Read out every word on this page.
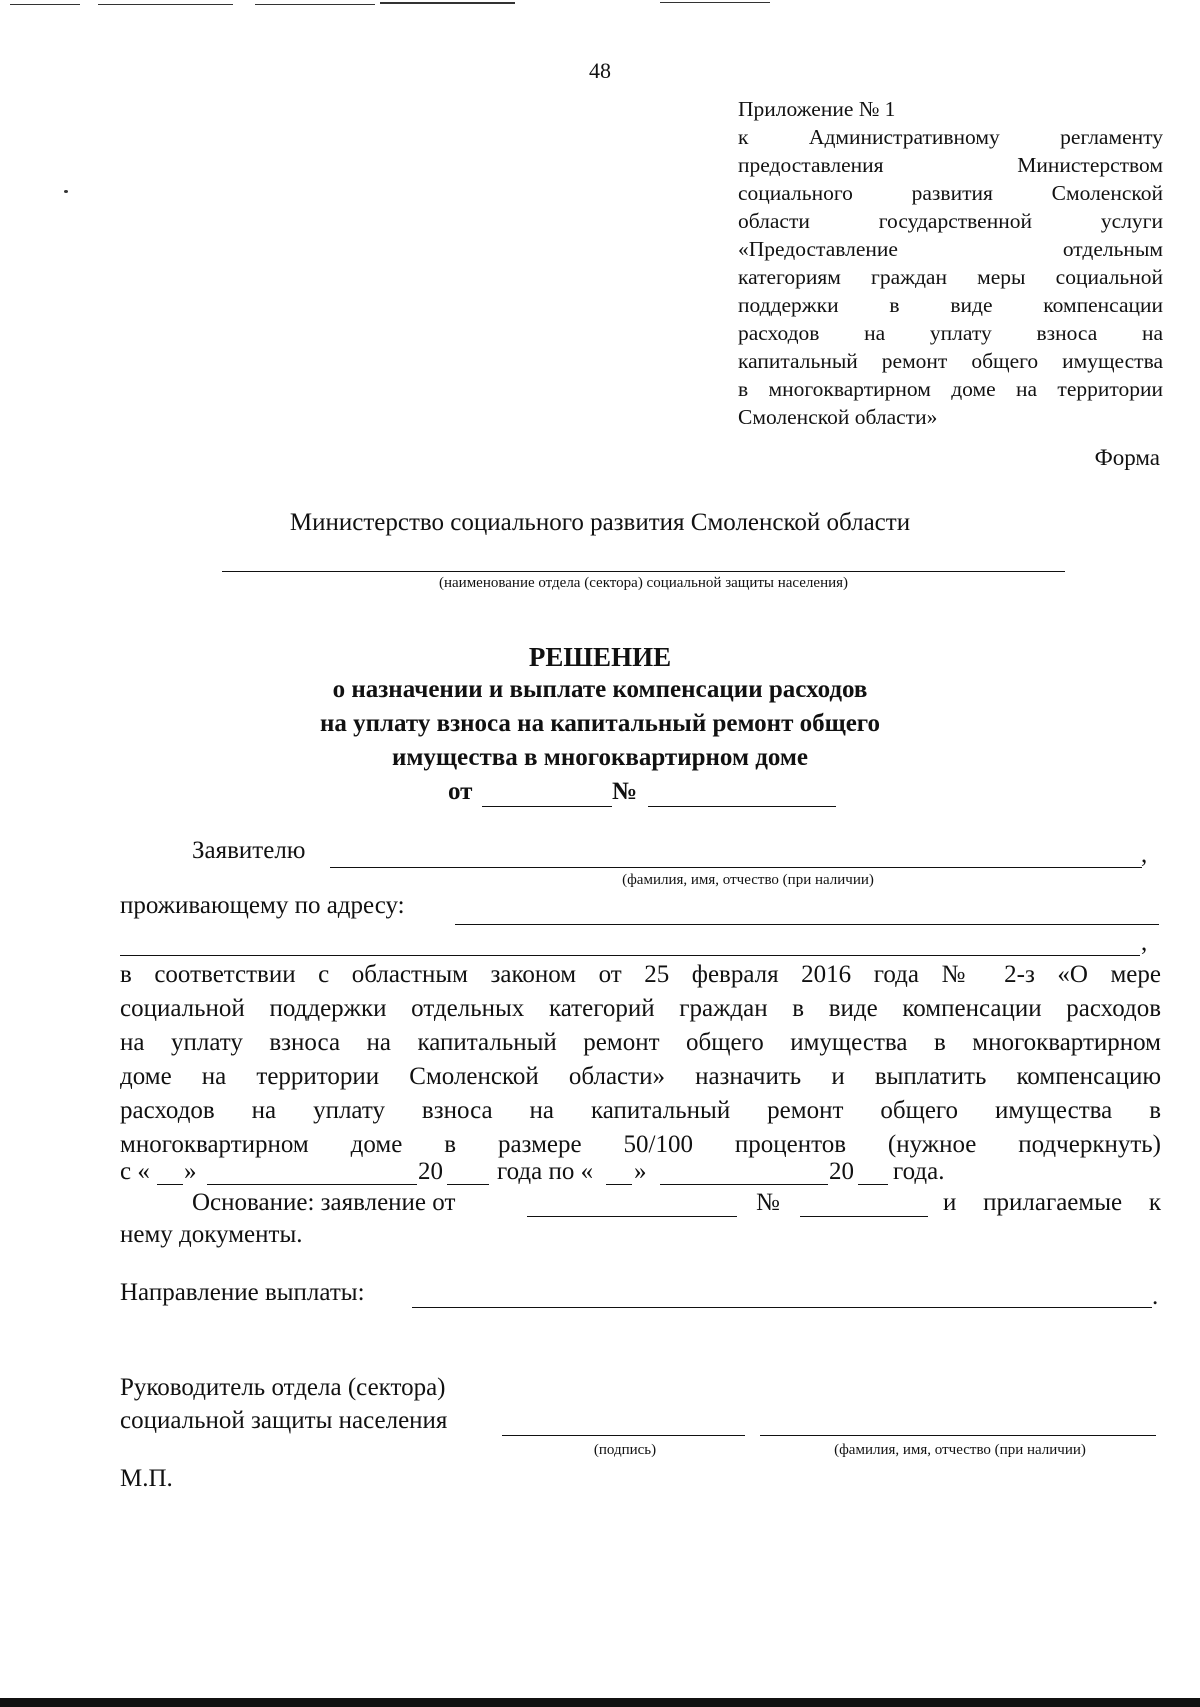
48
Приложение № 1
к Административному регламенту
предоставления Министерством
социального развития Смоленской
области государственной услуги
«Предоставление отдельным
категориям граждан меры социальной
поддержки в виде компенсации
расходов на уплату взноса на
капитальный ремонт общего имущества
в многоквартирном доме на территории
Смоленской области»
Форма
Министерство социального развития Смоленской области
(наименование отдела (сектора) социальной защиты населения)
РЕШЕНИЕ
о назначении и выплате компенсации расходов
на уплату взноса на капитальный ремонт общего
имущества в многоквартирном доме
от	№
Заявителю	,
(фамилия, имя, отчество (при наличии)
проживающему по адресу:
,
в соответствии с областным законом от 25 февраля 2016 года № 2-з «О мере
социальной поддержки отдельных категорий граждан в виде компенсации расходов
на уплату взноса на капитальный ремонт общего имущества в многоквартирном
доме на территории Смоленской области» назначить и выплатить компенсацию
расходов на уплату взноса на капитальный ремонт общего имущества в
многоквартирном доме в размере 50/100 процентов (нужное подчеркнуть)
с « »	20 года по « »	20 года.
Основание: заявление от	№	и прилагаемые к
нему документы.
Направление выплаты:	.
Руководитель отдела (сектора)
социальной защиты населения
(подпись)	(фамилия, имя, отчество (при наличии)
М.П.
